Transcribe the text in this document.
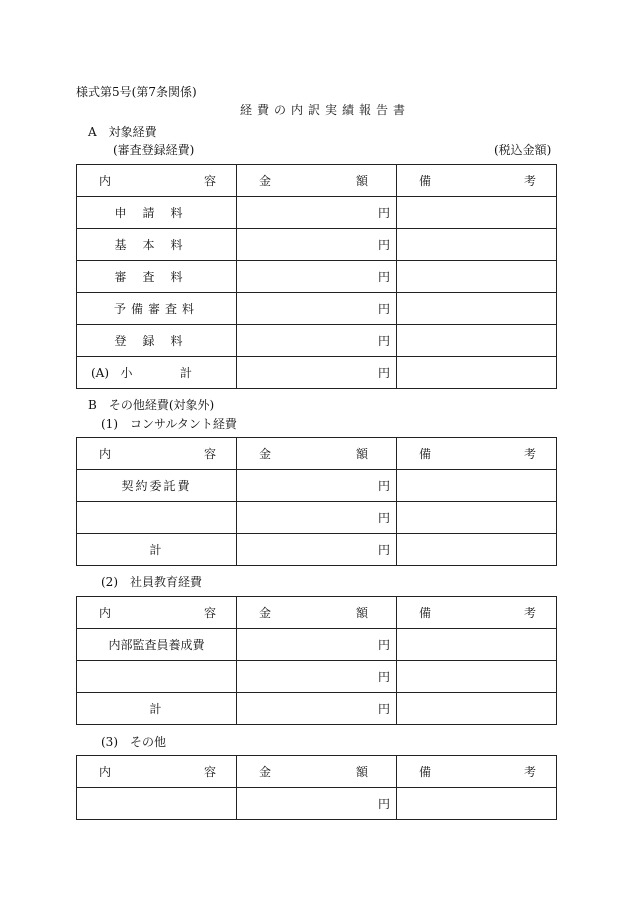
様式第5号(第7条関係)
経費の内訳実績報告書
A　対象経費
(審査登録経費)	(税込金額)
内 容	金 額	備 考

申請料	円	
基本料	円	
審査料	円	
予備審査料	円	
登録料	円	

(A) 小 計	円	
B　その他経費(対象外)
(1)　コンサルタント経費
内 容	金 額	備 考

契約委託費	円	
	円	
計	円	
(2)　社員教育経費
内 容	金 額	備 考

内部監査員養成費	円	
	円	
計	円	
(3)　その他
内 容	金 額	備 考

	円	
